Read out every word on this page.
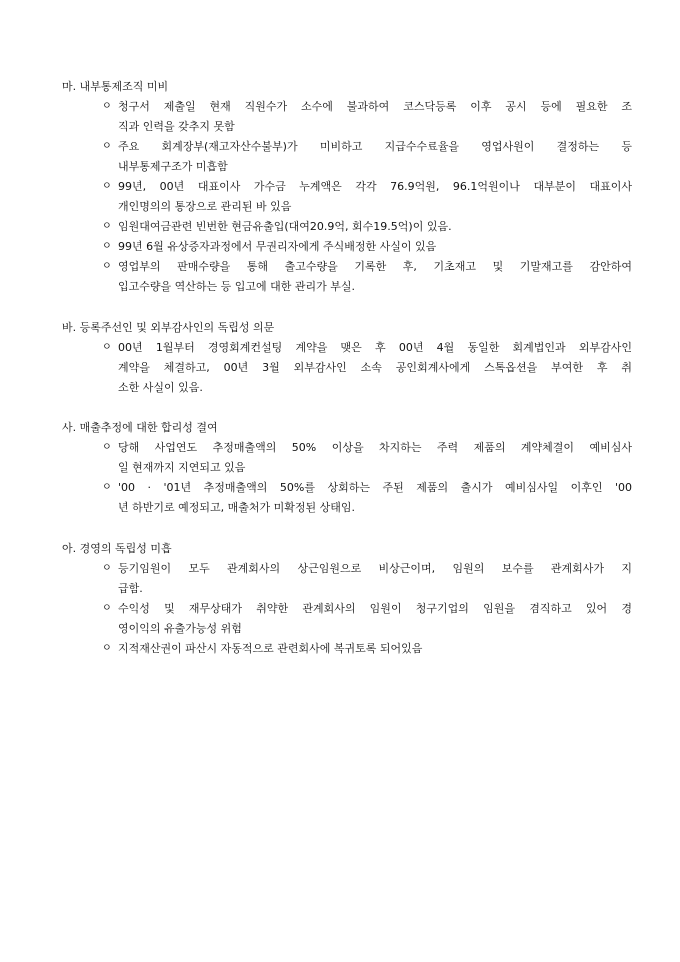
마. 내부통제조직 미비
ㅇ 청구서 제출일 현재 직원수가 소수에 불과하여 코스닥등록 이후 공시 등에 필요한 조
직과 인력을 갖추지 못함
ㅇ 주요 회계장부(재고자산수불부)가 미비하고 지급수수료율을 영업사원이 결정하는 등
내부통제구조가 미흡함
ㅇ 99년, 00년 대표이사 가수금 누계액은 각각 76.9억원, 96.1억원이나 대부분이 대표이사
개인명의의 통장으로 관리된 바 있음
ㅇ 임원대여금관련 빈번한 현금유출입(대여20.9억, 회수19.5억)이 있음.
ㅇ 99년 6월 유상증자과정에서 무권리자에게 주식배정한 사실이 있음
ㅇ 영업부의 판매수량을 통해 출고수량을 기록한 후, 기초재고 및 기말재고를 감안하여
입고수량을 역산하는 등 입고에 대한 관리가 부실.
바. 등록주선인 및 외부감사인의 독립성 의문
ㅇ 00년 1월부터 경영회계컨설팅 계약을 맺은 후 00년 4월 동일한 회계법인과 외부감사인
계약을 체결하고, 00년 3월 외부감사인 소속 공인회계사에게 스톡옵션을 부여한 후 취
소한 사실이 있음.
사. 매출추정에 대한 합리성 결여
ㅇ 당해 사업연도 추정매출액의 50% 이상을 차지하는 주력 제품의 계약체결이 예비심사
일 현재까지 지연되고 있음
ㅇ '00 · '01년 추정매출액의 50%를 상회하는 주된 제품의 출시가 예비심사일 이후인 '00
년 하반기로 예정되고, 매출처가 미확정된 상태임.
아. 경영의 독립성 미흡
ㅇ 등기임원이 모두 관계회사의 상근임원으로 비상근이며, 임원의 보수를 관계회사가 지
급함.
ㅇ 수익성 및 재무상태가 취약한 관계회사의 임원이 청구기업의 임원을 겸직하고 있어 경
영이익의 유출가능성 위험
ㅇ 지적재산권이 파산시 자동적으로 관련회사에 복귀토록 되어있음
